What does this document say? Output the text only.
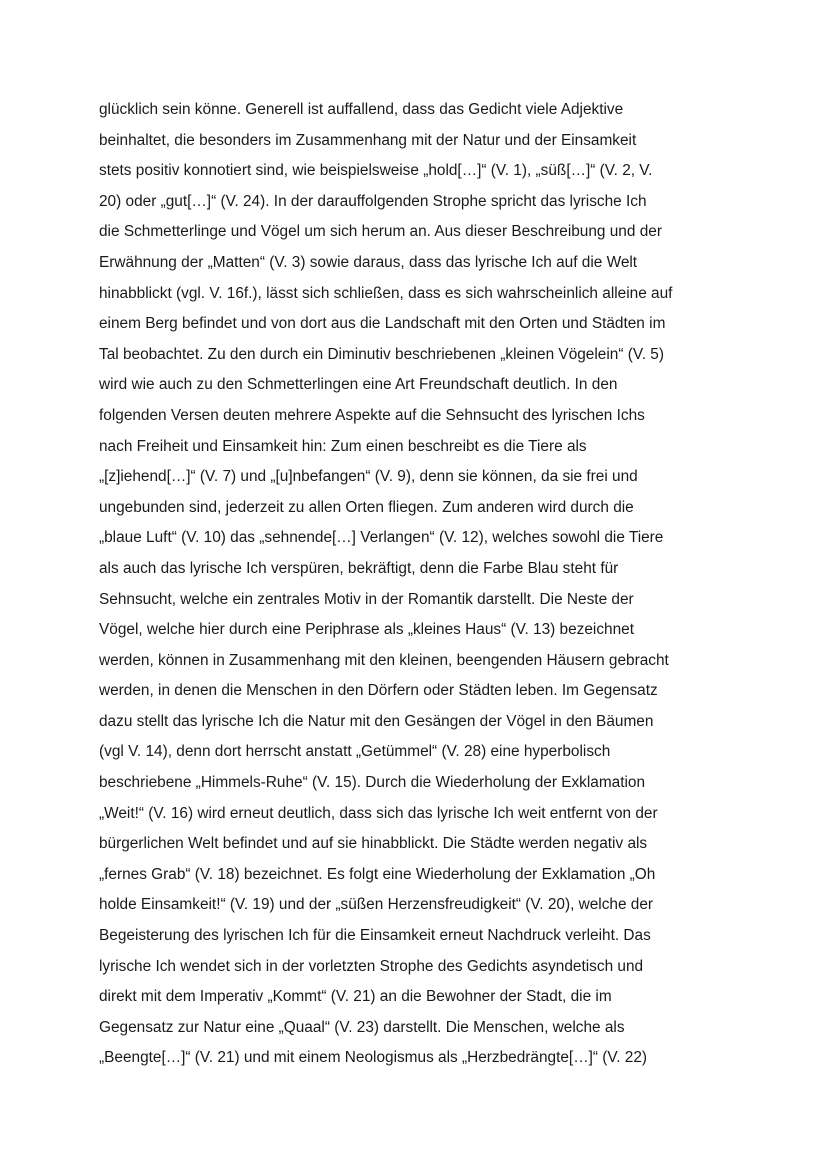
glücklich sein könne. Generell ist auffallend, dass das Gedicht viele Adjektive
beinhaltet, die besonders im Zusammenhang mit der Natur und der Einsamkeit
stets positiv konnotiert sind, wie beispielsweise „hold[…]“ (V. 1), „süß[…]“ (V. 2, V.
20) oder „gut[…]“ (V. 24). In der darauffolgenden Strophe spricht das lyrische Ich
die Schmetterlinge und Vögel um sich herum an. Aus dieser Beschreibung und der
Erwähnung der „Matten“ (V. 3) sowie daraus, dass das lyrische Ich auf die Welt
hinabblickt (vgl. V. 16f.), lässt sich schließen, dass es sich wahrscheinlich alleine auf
einem Berg befindet und von dort aus die Landschaft mit den Orten und Städten im
Tal beobachtet. Zu den durch ein Diminutiv beschriebenen „kleinen Vögelein“ (V. 5)
wird wie auch zu den Schmetterlingen eine Art Freundschaft deutlich. In den
folgenden Versen deuten mehrere Aspekte auf die Sehnsucht des lyrischen Ichs
nach Freiheit und Einsamkeit hin: Zum einen beschreibt es die Tiere als
„[z]iehend[…]“ (V. 7) und „[u]nbefangen“ (V. 9), denn sie können, da sie frei und
ungebunden sind, jederzeit zu allen Orten fliegen. Zum anderen wird durch die
„blaue Luft“ (V. 10) das „sehnende[…] Verlangen“ (V. 12), welches sowohl die Tiere
als auch das lyrische Ich verspüren, bekräftigt, denn die Farbe Blau steht für
Sehnsucht, welche ein zentrales Motiv in der Romantik darstellt. Die Neste der
Vögel, welche hier durch eine Periphrase als „kleines Haus“ (V. 13) bezeichnet
werden, können in Zusammenhang mit den kleinen, beengenden Häusern gebracht
werden, in denen die Menschen in den Dörfern oder Städten leben. Im Gegensatz
dazu stellt das lyrische Ich die Natur mit den Gesängen der Vögel in den Bäumen
(vgl V. 14), denn dort herrscht anstatt „Getümmel“ (V. 28) eine hyperbolisch
beschriebene „Himmels-Ruhe“ (V. 15). Durch die Wiederholung der Exklamation
„Weit!“ (V. 16) wird erneut deutlich, dass sich das lyrische Ich weit entfernt von der
bürgerlichen Welt befindet und auf sie hinabblickt. Die Städte werden negativ als
„fernes Grab“ (V. 18) bezeichnet. Es folgt eine Wiederholung der Exklamation „Oh
holde Einsamkeit!“ (V. 19) und der „süßen Herzensfreudigkeit“ (V. 20), welche der
Begeisterung des lyrischen Ich für die Einsamkeit erneut Nachdruck verleiht. Das
lyrische Ich wendet sich in der vorletzten Strophe des Gedichts asyndetisch und
direkt mit dem Imperativ „Kommt“ (V. 21) an die Bewohner der Stadt, die im
Gegensatz zur Natur eine „Quaal“ (V. 23) darstellt. Die Menschen, welche als
„Beengte[…]“ (V. 21) und mit einem Neologismus als „Herzbedrängte[…]“ (V. 22)
